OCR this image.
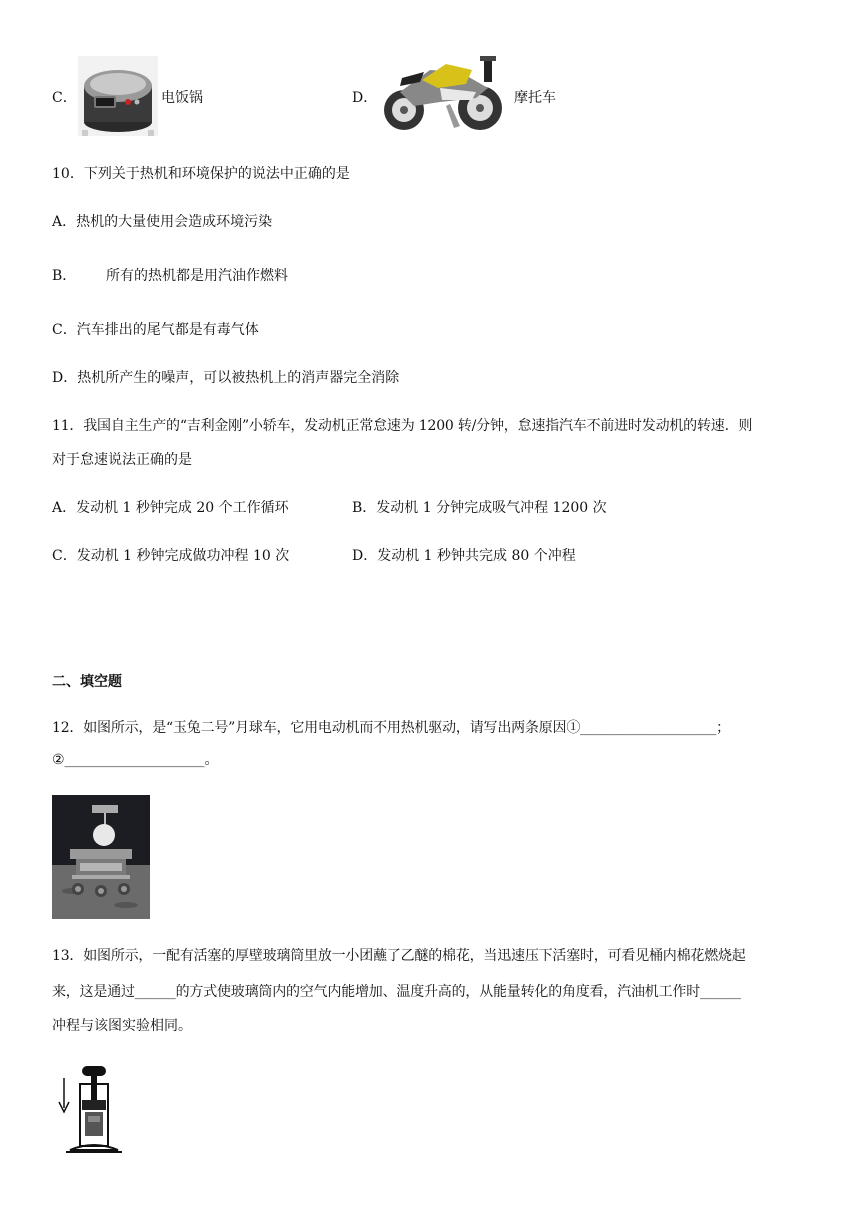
C．	电饭锅	D．	摩托车
10．下列关于热机和环境保护的说法中正确的是
A．热机的大量使用会造成环境污染
B． 所有的热机都是用汽油作燃料
C．汽车排出的尾气都是有毒气体
D．热机所产生的噪声，可以被热机上的消声器完全消除
11．我国自主生产的“吉利金刚”小轿车，发动机正常怠速为 1200 转/分钟，怠速指汽车不前进时发动机的转速．则
对于怠速说法正确的是
A．发动机 1 秒钟完成 20 个工作循环	B．发动机 1 分钟完成吸气冲程 1200 次
C．发动机 1 秒钟完成做功冲程 10 次	D．发动机 1 秒钟共完成 80 个冲程
二、填空题
12．如图所示，是“玉兔二号”月球车，它用电动机而不用热机驱动，请写出两条原因①____________________；
②____________________。
13．如图所示，一配有活塞的厚壁玻璃筒里放一小团蘸了乙醚的棉花，当迅速压下活塞时，可看见桶内棉花燃烧起
来，这是通过______的方式使玻璃筒内的空气内能增加、温度升高的，从能量转化的角度看，汽油机工作时______
冲程与该图实验相同。
